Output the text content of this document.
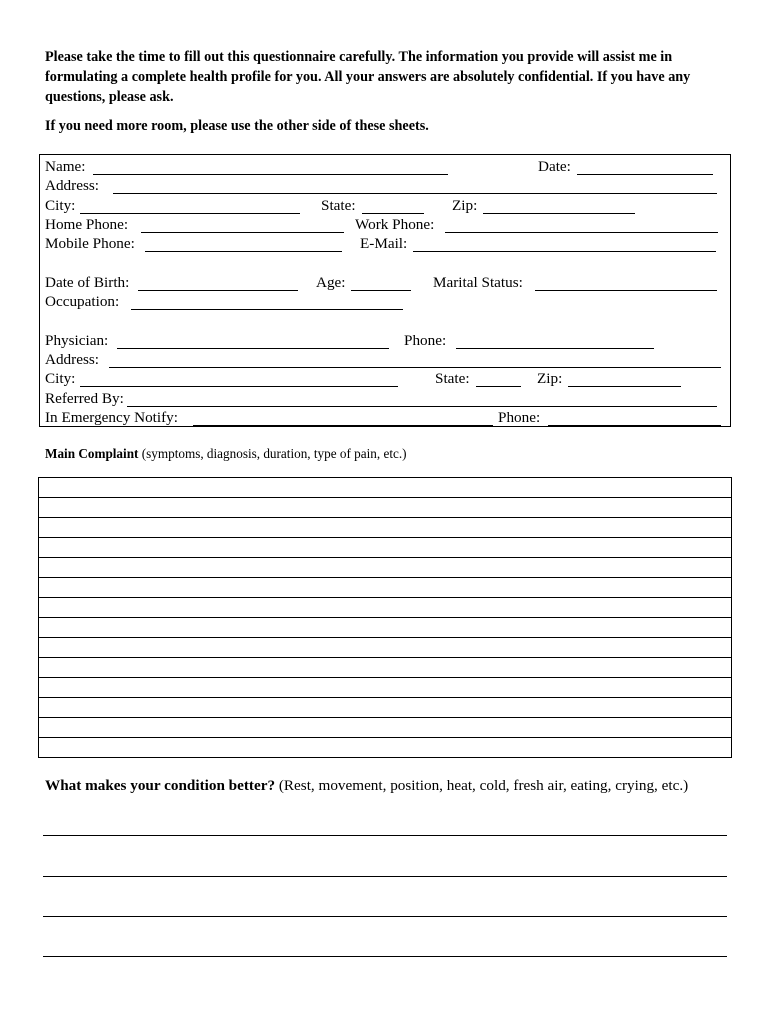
Please take the time to fill out this questionnaire carefully. The information you provide will assist me in formulating a complete health profile for you. All your answers are absolutely confidential. If you have any questions, please ask.
If you need more room, please use the other side of these sheets.
Name:	Date:
Address:
City:	State:	Zip:
Home Phone:	Work Phone:
Mobile Phone:	E-Mail:
Date of Birth:	Age:	Marital Status:
Occupation:
Physician:	Phone:
Address:
City:	State:	Zip:
Referred By:
In Emergency Notify:	Phone:
Main Complaint (symptoms, diagnosis, duration, type of pain, etc.)
What makes your condition better? (Rest, movement, position, heat, cold, fresh air, eating, crying, etc.)
